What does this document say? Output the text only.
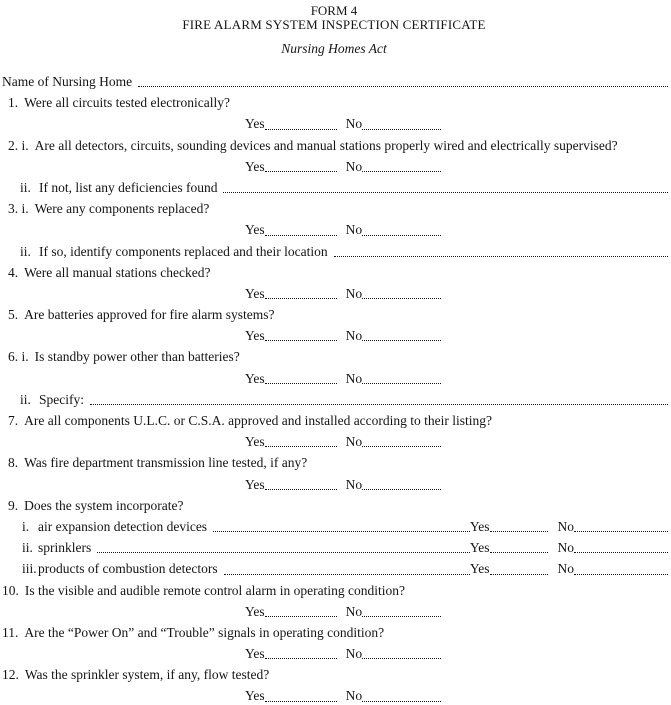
FORM 4
FIRE ALARM SYSTEM INSPECTION CERTIFICATE
Nursing Homes Act
Name of Nursing Home
1. Were all circuits tested electronically?
Yes	No
2. i. Are all detectors, circuits, sounding devices and manual stations properly wired and electrically supervised?
Yes	No
ii. If not, list any deficiencies found
3. i. Were any components replaced?
Yes	No
ii. If so, identify components replaced and their location
4. Were all manual stations checked?
Yes	No
5. Are batteries approved for fire alarm systems?
Yes	No
6. i. Is standby power other than batteries?
Yes	No
ii. Specify:
7. Are all components U.L.C. or C.S.A. approved and installed according to their listing?
Yes	No
8. Was fire department transmission line tested, if any?
Yes	No
9. Does the system incorporate?
i. air expansion detection devices	Yes	No
ii. sprinklers	Yes	No
iii. products of combustion detectors	Yes	No
10. Is the visible and audible remote control alarm in operating condition?
Yes	No
11. Are the “Power On” and “Trouble” signals in operating condition?
Yes	No
12. Was the sprinkler system, if any, flow tested?
Yes	No
